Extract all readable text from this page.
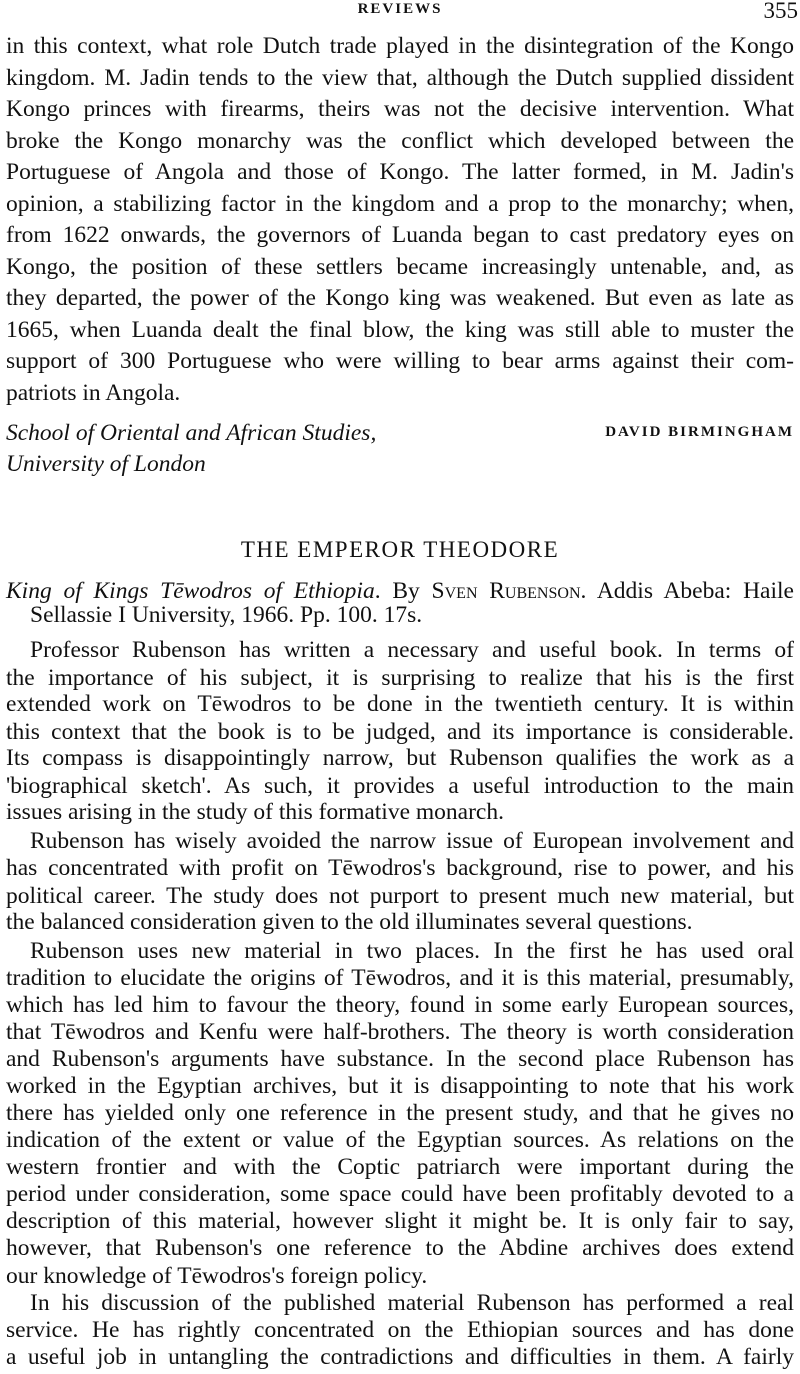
REVIEWS	355
in this context, what role Dutch trade played in the disintegration of the Kongo
kingdom. M. Jadin tends to the view that, although the Dutch supplied dissident
Kongo princes with firearms, theirs was not the decisive intervention. What
broke the Kongo monarchy was the conflict which developed between the
Portuguese of Angola and those of Kongo. The latter formed, in M. Jadin's
opinion, a stabilizing factor in the kingdom and a prop to the monarchy; when,
from 1622 onwards, the governors of Luanda began to cast predatory eyes on
Kongo, the position of these settlers became increasingly untenable, and, as
they departed, the power of the Kongo king was weakened. But even as late as
1665, when Luanda dealt the final blow, the king was still able to muster the
support of 300 Portuguese who were willing to bear arms against their com-
patriots in Angola.
School of Oriental and African Studies,	DAVID BIRMINGHAM
University of London
THE EMPEROR THEODORE
King of Kings Tēwodros of Ethiopia. By Sven Rubenson. Addis Abeba: Haile
Sellassie I University, 1966. Pp. 100. 17s.
Professor Rubenson has written a necessary and useful book. In terms of
the importance of his subject, it is surprising to realize that his is the first
extended work on Tēwodros to be done in the twentieth century. It is within
this context that the book is to be judged, and its importance is considerable.
Its compass is disappointingly narrow, but Rubenson qualifies the work as a
'biographical sketch'. As such, it provides a useful introduction to the main
issues arising in the study of this formative monarch.
Rubenson has wisely avoided the narrow issue of European involvement and
has concentrated with profit on Tēwodros's background, rise to power, and his
political career. The study does not purport to present much new material, but
the balanced consideration given to the old illuminates several questions.
Rubenson uses new material in two places. In the first he has used oral
tradition to elucidate the origins of Tēwodros, and it is this material, presumably,
which has led him to favour the theory, found in some early European sources,
that Tēwodros and Kenfu were half-brothers. The theory is worth consideration
and Rubenson's arguments have substance. In the second place Rubenson has
worked in the Egyptian archives, but it is disappointing to note that his work
there has yielded only one reference in the present study, and that he gives no
indication of the extent or value of the Egyptian sources. As relations on the
western frontier and with the Coptic patriarch were important during the
period under consideration, some space could have been profitably devoted to a
description of this material, however slight it might be. It is only fair to say,
however, that Rubenson's one reference to the Abdine archives does extend
our knowledge of Tēwodros's foreign policy.
In his discussion of the published material Rubenson has performed a real
service. He has rightly concentrated on the Ethiopian sources and has done
a useful job in untangling the contradictions and difficulties in them. A fairly
